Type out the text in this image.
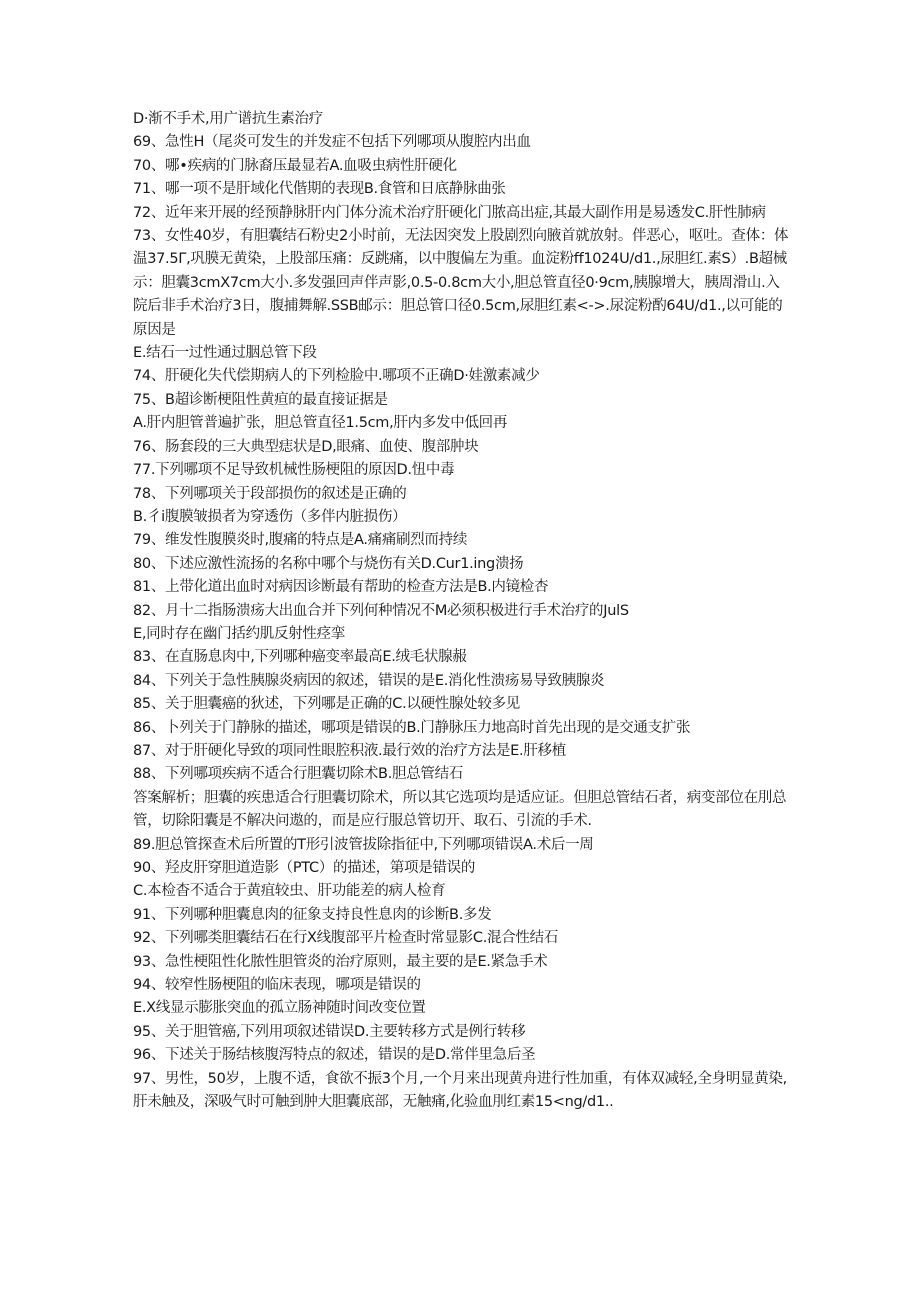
D·渐不手术,用广谱抗生素治疗

69、急性H（尾炎可发生的并发症不包括下列哪项从腹腔内出血

70、哪•疾病的门脉裔压最显若A.血吸虫病性肝硬化

71、哪一项不是肝域化代偕期的表现B.食管和日底静脉曲张

72、近年来开展的经预静脉肝内门体分流术治疗肝硬化门脓高出症,其最大副作用是易透发C.肝性肺病

73、女性40岁，有胆囊结石粉史2小时前，无法因突发上股剧烈向腋首就放射。伴恶心，呕吐。查体：体温37.5Γ,巩膜无黄染，上股部压痛：反跳痛，以中腹偏左为重。血淀粉ff1024U/d1.,尿胆红.素S）.B超械示：胆囊3cmX7cm大小.多发强回声伴声影,0.5-0.8cm大小,胆总管直径0·9cm,胰腺增大，胰周滑山.入院后非手术治疗3日，腹捕舞解.SSB邮示：胆总管口径0.5cm,尿胆红素<->.尿淀粉酌64U/d1.,以可能的原因是

E.结石一过性通过胭总管下段

74、肝硬化失代偿期病人的下列检脸中.哪项不正确D·娃激素减少

75、B超诊断梗阻性黄疸的最直接证据是

A.肝内胆管普遍扩张，胆总管直径1.5cm,肝内多发中低回再

76、肠套段的三大典型痣状是D,眼痛、血使、腹部肿块

77.下列哪项不足导致机械性肠梗阻的原因D.忸中毒

78、下列哪项关于段部损伤的叙述是正确的

B.彳i腹膜皱损者为穿透伤（多伴内脏损伤）

79、维发性腹膜炎时,腹痛的特点是A.痛痛刷烈而持续

80、下述应激性流扬的名称中哪个与烧伤有关D.Cur1.ing溃扬

81、上带化道出血时对病因诊断最有帮助的检查方法是B.内镜检杏

82、月十二指肠溃疡大出血合并下列何种情况不M必须积极进行手术治疗的JulS

E,同时存在幽门括约肌反射性痉挛

83、在直肠息肉中,下列哪种癌变率最高E.绒毛状腺赧

84、下列关于急性胰腺炎病因的叙述，错误的是E.消化性溃疡易导致胰腺炎

85、关于胆囊癌的狄述，下列哪是正确的C.以硬性腺处较多见

86、卜列关于门静脉的描述，哪项是错误的B.门静脉压力地高时首先出现的是交通支扩张

87、对于肝硬化导致的项同性眼腔积液.最行效的治疗方法是E.肝移植

88、下列哪项疾病不适合行胆囊切除术B.胆总管结石

答案解析；胆囊的疾患适合行胆囊切除术，所以其它选项均是适应证。但胆总管结石者，病变部位在刖总管，切除阳囊是不解决问遨的，而是应行服总管切开、取石、引流的手术.

89.胆总管探查术后所置的T形引波管拔除指征中,下列哪项错误A.术后一周

90、羟皮肝穿胆道造影（PTC）的描述，第项是错误的

C.本检杳不适合于黄疽较虫、肝功能差的病人检育

91、下列哪种胆囊息肉的征象支持良性息肉的诊断B.多发

92、下列哪类胆囊结石在行X线腹部平片检查时常显影C.混合性结石

93、急性梗阻性化脓性胆管炎的治疗原则，最主要的是E.紧急手术

94、较窄性肠梗阻的临床表现，哪项是错误的

E.X线显示膨胀突血的孤立肠神随时间改变位置

95、关于胆管癌,下列用项叙述错误D.主要转移方式是例行转移

96、下述关于肠结核腹泻特点的叙述，错误的是D.常伴里急后圣

97、男性，50岁，上腹不适，食欲不振3个月,一个月来出现黄舟进行性加重，有体双减轻,全身明显黄染,肝未触及，深吸气时可触到肿大胆囊底部，无触痛,化验血刖红素15<ng/d1..
